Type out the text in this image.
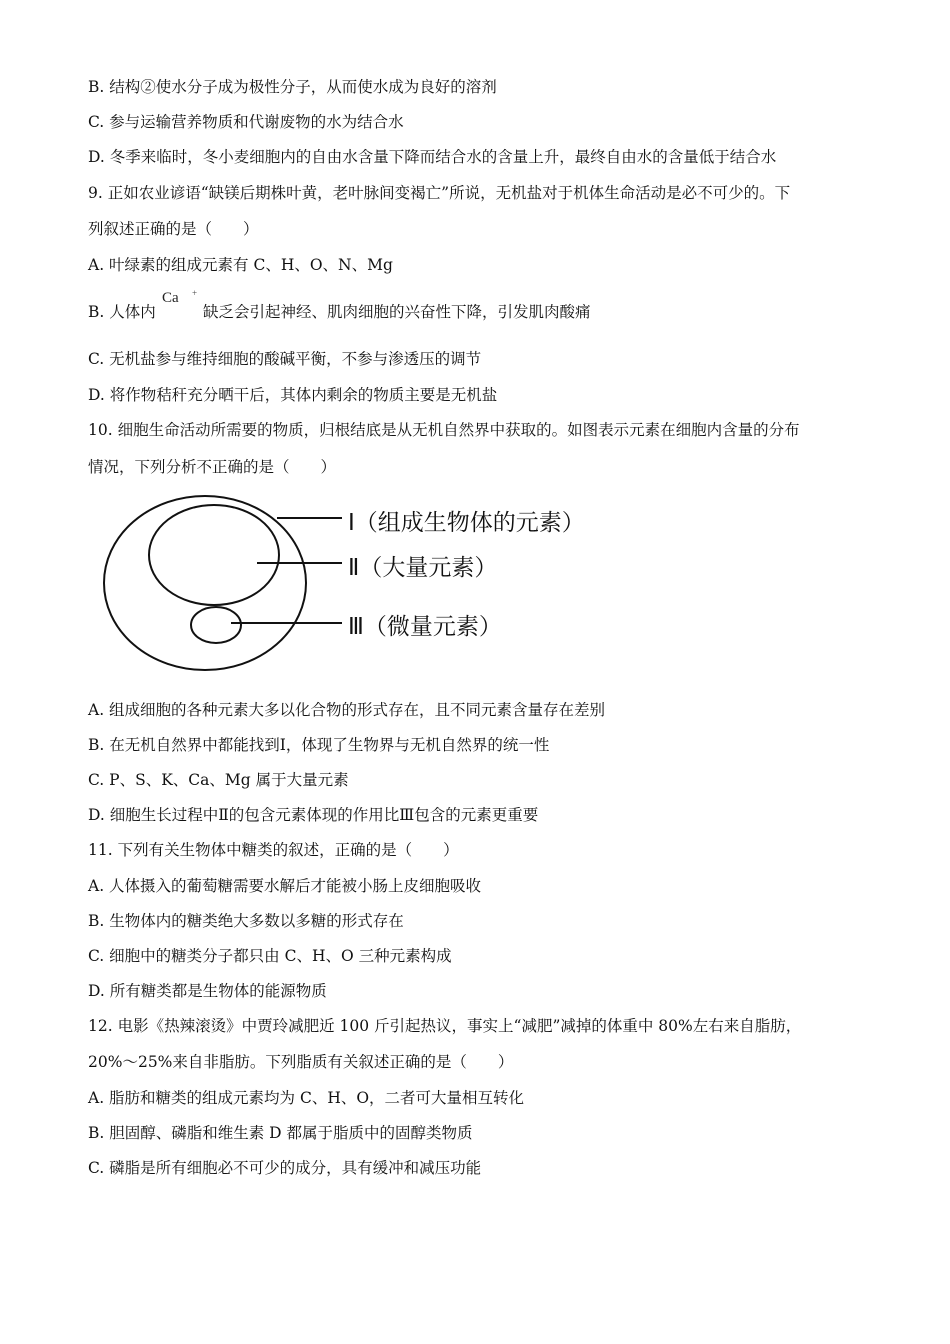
B. 结构②使水分子成为极性分子，从而使水成为良好的溶剂
C. 参与运输营养物质和代谢废物的水为结合水
D. 冬季来临时，冬小麦细胞内的自由水含量下降而结合水的含量上升，最终自由水的含量低于结合水
9. 正如农业谚语“缺镁后期株叶黄，老叶脉间变褐亡”所说，无机盐对于机体生命活动是必不可少的。下
列叙述正确的是（　　）
A. 叶绿素的组成元素有 C、H、O、N、Mg
B. 人体内
Ca +
缺乏会引起神经、肌肉细胞的兴奋性下降，引发肌肉酸痛
C. 无机盐参与维持细胞的酸碱平衡，不参与渗透压的调节
D. 将作物秸秆充分晒干后，其体内剩余的物质主要是无机盐
10. 细胞生命活动所需要的物质，归根结底是从无机自然界中获取的。如图表示元素在细胞内含量的分布
情况，下列分析不正确的是（　　）
Ⅰ（组成生物体的元素）
Ⅱ（大量元素）
Ⅲ（微量元素）
A. 组成细胞的各种元素大多以化合物的形式存在，且不同元素含量存在差别
B. 在无机自然界中都能找到Ⅰ，体现了生物界与无机自然界的统一性
C. P、S、K、Ca、Mg 属于大量元素
D. 细胞生长过程中Ⅱ的包含元素体现的作用比Ⅲ包含的元素更重要
11. 下列有关生物体中糖类的叙述，正确的是（　　）
A. 人体摄入的葡萄糖需要水解后才能被小肠上皮细胞吸收
B. 生物体内的糖类绝大多数以多糖的形式存在
C. 细胞中的糖类分子都只由 C、H、O 三种元素构成
D. 所有糖类都是生物体的能源物质
12. 电影《热辣滚烫》中贾玲减肥近 100 斤引起热议，事实上“减肥”减掉的体重中 80%左右来自脂肪，
20%～25%来自非脂肪。下列脂质有关叙述正确的是（　　）
A. 脂肪和糖类的组成元素均为 C、H、O，二者可大量相互转化
B. 胆固醇、磷脂和维生素 D 都属于脂质中的固醇类物质
C. 磷脂是所有细胞必不可少的成分，具有缓冲和减压功能
